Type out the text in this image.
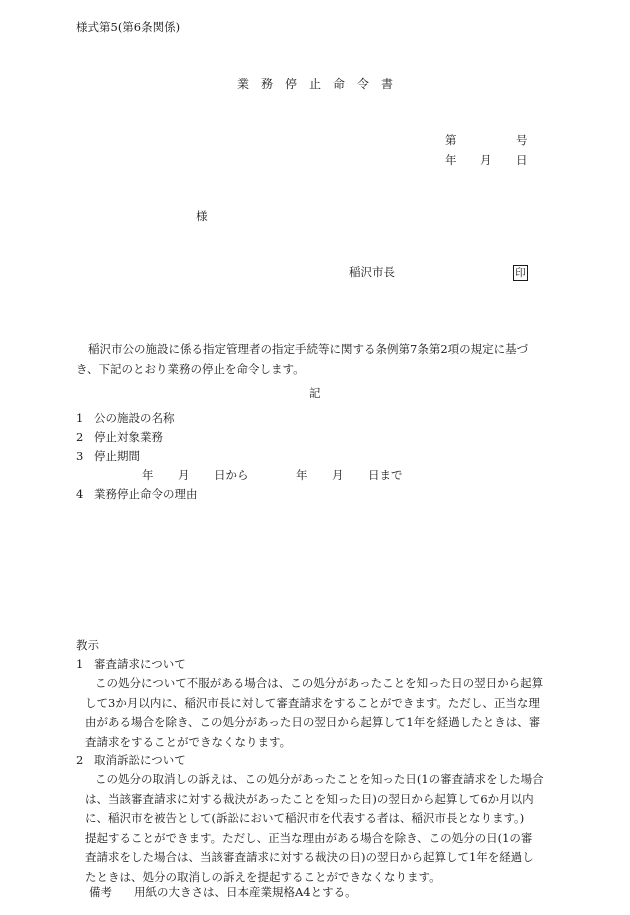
様式第5(第6条関係)
業務停止命令書
第	号
年 月 日
様
稲沢市長	印
稲沢市公の施設に係る指定管理者の指定手続等に関する条例第7条第2項の規定に基づ
き、下記のとおり業務の停止を命令します。
記
1 公の施設の名称
2 停止対象業務
3 停止期間
年 月 日から	年 月 日まで
4 業務停止命令の理由
教示
1 審査請求について
この処分について不服がある場合は、この処分があったことを知った日の翌日から起算
して3か月以内に、稲沢市長に対して審査請求をすることができます。ただし、正当な理
由がある場合を除き、この処分があった日の翌日から起算して1年を経過したときは、審
査請求をすることができなくなります。
2 取消訴訟について
この処分の取消しの訴えは、この処分があったことを知った日(1の審査請求をした場合
は、当該審査請求に対する裁決があったことを知った日)の翌日から起算して6か月以内
に、稲沢市を被告として(訴訟において稲沢市を代表する者は、稲沢市長となります。)
提起することができます。ただし、正当な理由がある場合を除き、この処分の日(1の審
査請求をした場合は、当該審査請求に対する裁決の日)の翌日から起算して1年を経過し
たときは、処分の取消しの訴えを提起することができなくなります。
備考 用紙の大きさは、日本産業規格A4とする。
